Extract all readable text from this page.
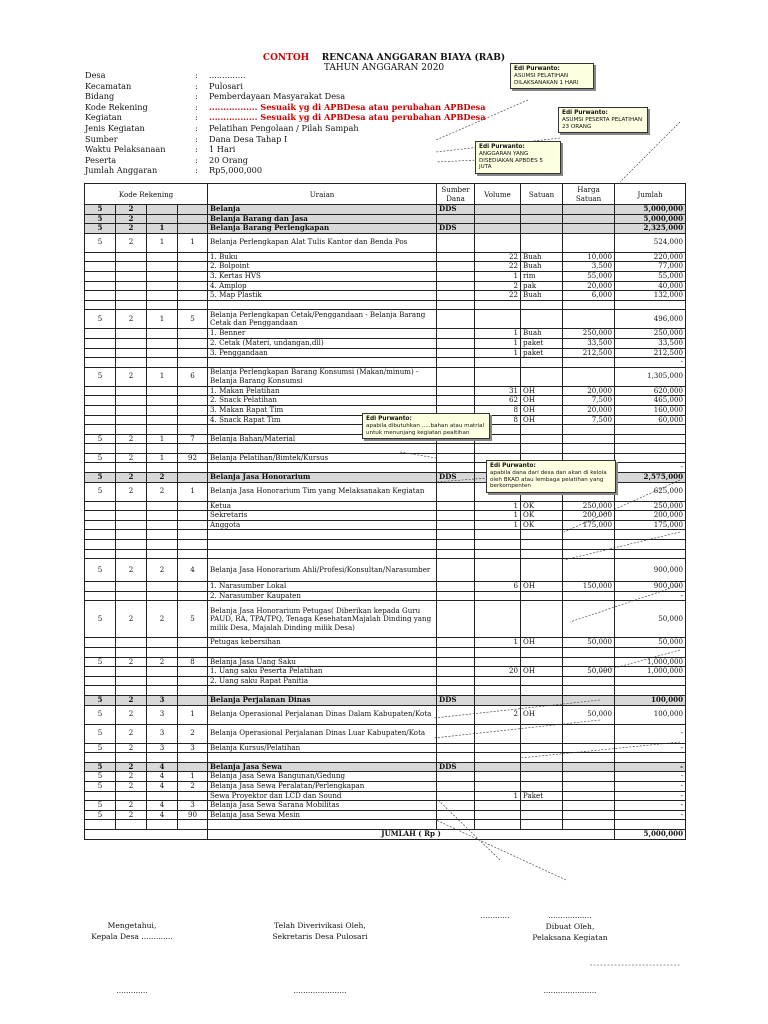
CONTOH RENCANA ANGGARAN BIAYA (RAB)
TAHUN ANGGARAN 2020
Desa	:	..............
Kecamatan	:	Pulosari
Bidang	:	Pemberdayaan Masyarakat Desa
Kode Rekening	:	................. Sesuaik yg di APBDesa atau perubahan APBDesa
Kegiatan	:	................. Sesuaik yg di APBDesa atau perubahan APBDesa
Jenis Kegiatan	:	Pelatihan Pengolaan / Pilah Sampah
Sumber	:	Dana Desa Tahap I
Waktu Pelaksanaan	:	1 Hari
Peserta	:	20 Orang
Jumlah Anggaran	:	Rp5,000,000
Kode Rekening				Uraian	Sumber Dana	Volume	Satuan	Harga Satuan	Jumlah
5	2			Belanja	DDS				5,000,000
5	2			Belanja Barang dan Jasa					5,000,000
5	2	1		Belanja Barang Perlengkapan	DDS				2,325,000
5	2	1	1	Belanja Perlengkapan Alat Tulis Kantor dan Benda Pos					524,000
				1. Buku		22	Buah	10,000	220,000
				2. Bolpoint		22	Buah	3,500	77,000
				3. Kertas HVS		1	rim	55,000	55,000
				4. Amplop		2	pak	20,000	40,000
				5. Map Plastik		22	Buah	6,000	132,000

5	2	1	5	Belanja Perlengkapan Cetak/Penggandaan - Belanja Barang Cetak dan Penggandaan					496,000
				1. Benner		1	Buah	250,000	250,000
				2. Cetak (Materi, undangan,dll)		1	paket	33,500	33,500
				3. Penggandaan		1	paket	212,500	212,500
									-
5	2	1	6	Belanja Perlengkapan Barang Konsumsi (Makan/minum) - Belanja Barang Konsumsi					1,305,000
				1. Makan Pelatihan		31	OH	20,000	620,000
				2. Snack Pelatihan		62	OH	7,500	465,000
				3. Makan Rapat Tim		8	OH	20,000	160,000
				4. Snack Rapat Tim		8	OH	7,500	60,000

5	2	1	7	Belanja Bahan/Material					

5	2	1	92	Belanja Pelatihan/Bimtek/Kursus					
									-
5	2	2		Belanja Jasa Honorarium	DDS				2,575,000
5	2	2	1	Belanja Jasa Honorarium Tim yang Melaksanakan Kegiatan					625,000
				Ketua		1	OK	250,000	250,000
				Sekretaris		1	OK	200,000	200,000
				Anggota		1	OK	175,000	175,000

5	2	2	4	Belanja Jasa Honorarium Ahli/Profesi/Konsultan/Narasumber					900,000
				1. Narasumber Lokal		6	OH	150,000	900,000
				2. Narasumber Kaupaten					-
5	2	2	5	Belanja Jasa Honorarium Petugas( Diberikan kepada Guru PAUD, RA, TPA/TPQ, Tenaga KesehatanMajalah Dinding yang milik Desa, Majalah Dinding milik Desa)					50,000
				Petugas kebersihan		1	OH	50,000	50,000

5	2	2	8	Belanja Jasa Uang Saku					1,000,000
				1. Uang saku Peserta Pelatihan		20	OH	50,000	1,000,000
				2. Uang saku Rapat Panitia					

5	2	3		Belanja Perjalanan Dinas	DDS				100,000
5	2	3	1	Belanja Operasional Perjalanan Dinas Dalam Kabupaten/Kota		2	OH	50,000	100,000
5	2	3	2	Belanja Operasional Perjalanan Dinas Luar Kabupaten/Kota					-
5	2	3	3	Belanja Kursus/Pelatihan					-

5	2	4		Belanja Jasa Sewa	DDS				-
5	2	4	1	Belanja Jasa Sewa Bangunan/Gedung					-
5	2	4	2	Belanja Jasa Sewa Peralatan/Perlengkapan					-
				Sewa Proyektor dan LCD dan Sound		1	Paket		-
5	2	4	3	Belanja Jasa Sewa Sarana Mobilitas					-
5	2	4	90	Belanja Jasa Sewa Mesin					-

				JUMLAH ( Rp )					5,000,000
Edi Purwanto:
ASUMSI PELATIHAN DILAKSANAKAN 1 HARI
Edi Purwanto:
ASUMSI PESERTA PELATIHAN 23 ORANG
Edi Purwanto:
ANGGARAN YANG DISEDIAKAN APBDES 5 JUTA
Edi Purwanto:
apabila dibutuhkan .....bahan atau matrial untuk menunjang kegiatan pealtihan
Edi Purwanto:
apabila dana dari desa dan akan di kelola oleh BKAD atau lembaga pelatihan yang berkompenten
Mengetahui,
Kepala Desa .............
Telah Diverivikasi Oleh,
Sekretaris Desa Pulosari
............	..................
Dibuat Oleh,
Pelaksana Kegiatan
.............	......................	......................
